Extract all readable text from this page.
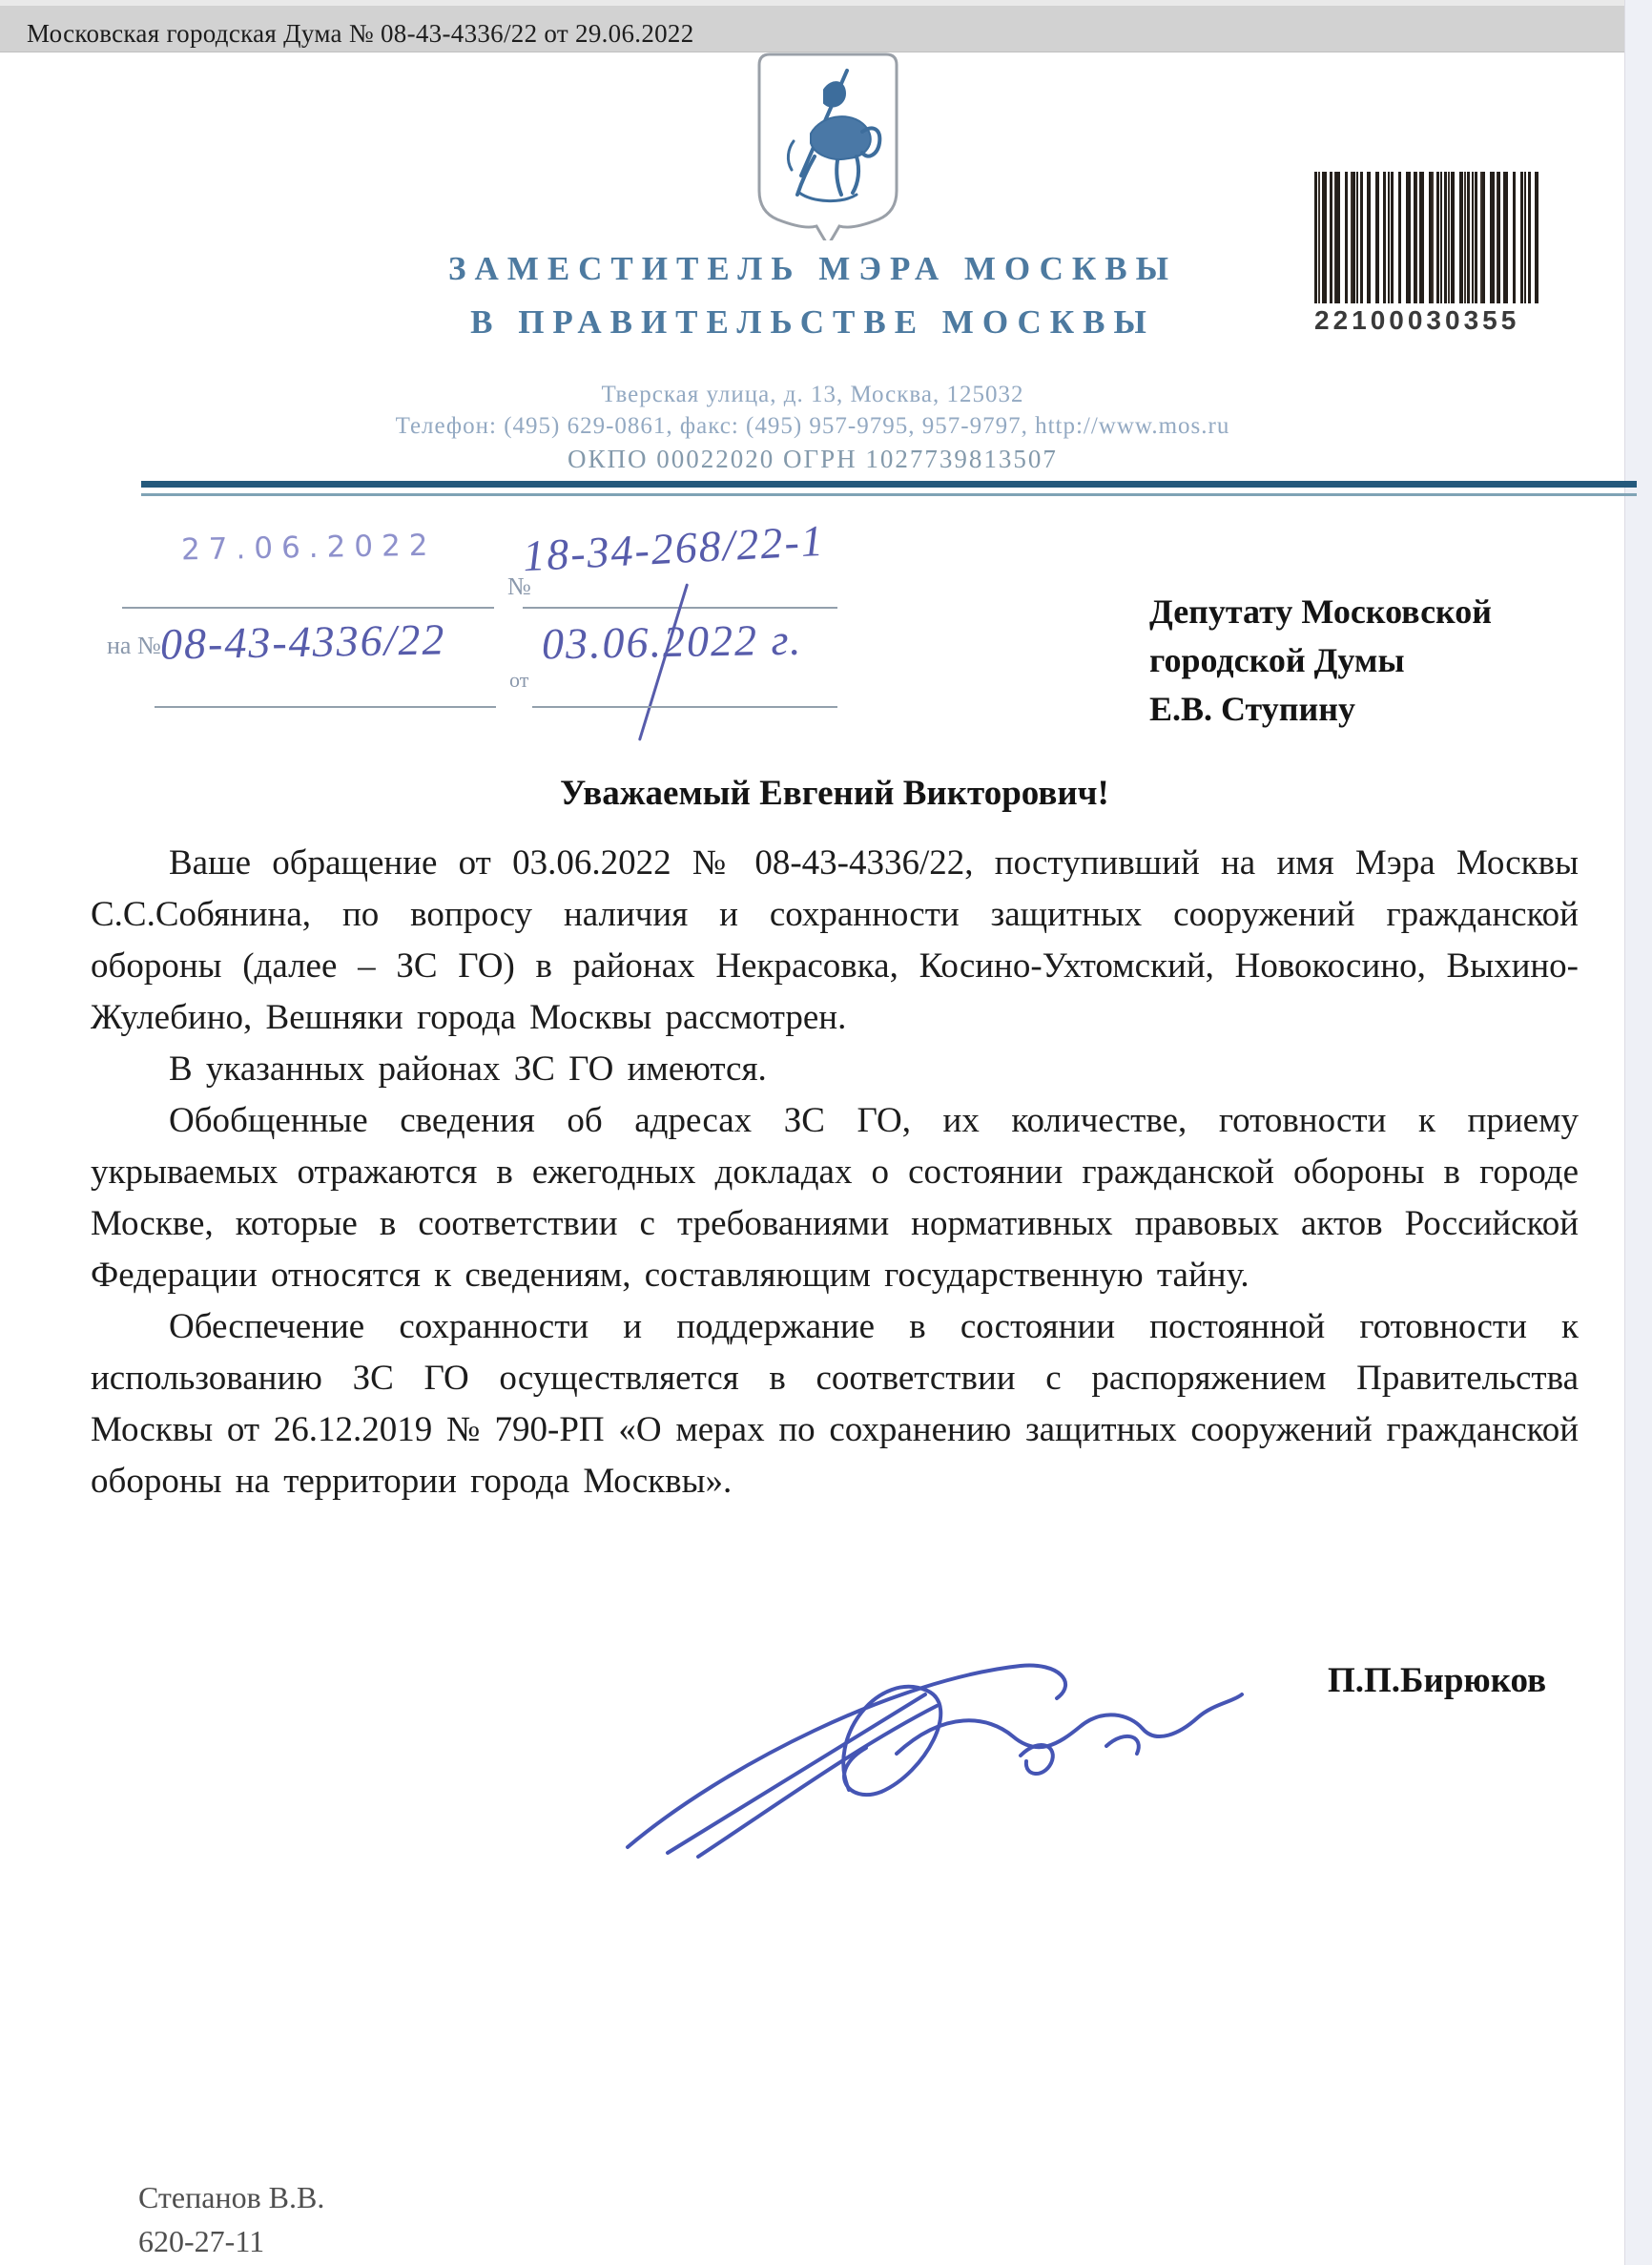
Московская городская Дума № 08-43-4336/22 от 29.06.2022
ЗАМЕСТИТЕЛЬ МЭРА МОСКВЫ
В ПРАВИТЕЛЬСТВЕ МОСКВЫ
Тверская улица, д. 13, Москва, 125032
Телефон: (495) 629-0861, факс: (495) 957-9795, 957-9797, http://www.mos.ru
ОКПО 00022020 ОГРН 1027739813507
22100030355
27.06.2022
№
18-34-268/22-1
на №
08-43-4336/22
от
03.06.2022 г.
Депутату Московской
городской Думы
Е.В. Ступину
Уважаемый Евгений Викторович!

Ваше обращение от 03.06.2022 № 08-43-4336/22, поступивший на имя Мэра Москвы С.С.Собянина, по вопросу наличия и сохранности защитных сооружений гражданской обороны (далее – ЗС ГО) в районах Некрасовка, Косино-Ухтомский, Новокосино, Выхино-Жулебино, Вешняки города Москвы рассмотрен.

В указанных районах ЗС ГО имеются.

Обобщенные сведения об адресах ЗС ГО, их количестве, готовности к приему укрываемых отражаются в ежегодных докладах о состоянии гражданской обороны в городе Москве, которые в соответствии с требованиями нормативных правовых актов Российской Федерации относятся к сведениям, составляющим государственную тайну.

Обеспечение сохранности и поддержание в состоянии постоянной готовности к использованию ЗС ГО осуществляется в соответствии с распоряжением Правительства Москвы от 26.12.2019 № 790-РП «О мерах по сохранению защитных сооружений гражданской обороны на территории города Москвы».

П.П.Бирюков
Степанов В.В.
620-27-11
